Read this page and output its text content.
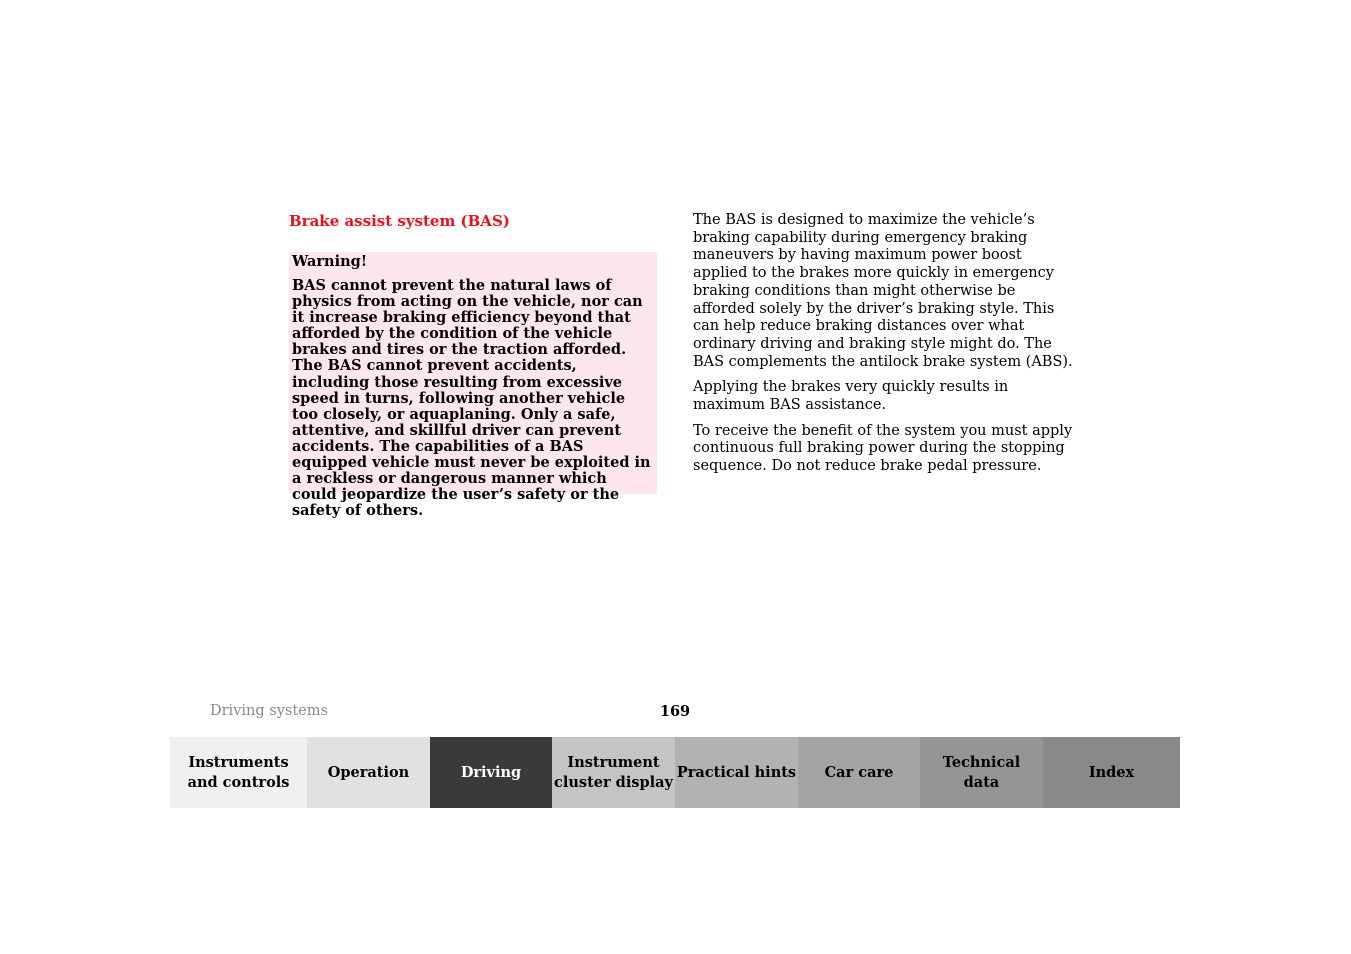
Brake assist system (BAS)

Warning!

BAS cannot prevent the natural laws of physics from acting on the vehicle, nor can it increase braking efficiency beyond that afforded by the condition of the vehicle brakes and tires or the traction afforded. The BAS cannot prevent accidents, including those resulting from excessive speed in turns, following another vehicle too closely, or aquaplaning. Only a safe, attentive, and skillful driver can prevent accidents. The capabilities of a BAS equipped vehicle must never be exploited in a reckless or dangerous manner which could jeopardize the user’s safety or the safety of others.

The BAS is designed to maximize the vehicle’s braking capability during emergency braking maneuvers by having maximum power boost applied to the brakes more quickly in emergency braking conditions than might otherwise be afforded solely by the driver’s braking style. This can help reduce braking distances over what ordinary driving and braking style might do. The BAS complements the antilock brake system (ABS).

Applying the brakes very quickly results in maximum BAS assistance.

To receive the benefit of the system you must apply continuous full braking power during the stopping sequence. Do not reduce brake pedal pressure.

Driving systems	169

Instruments
and controls
Operation	Driving
Instrument
cluster display
Practical hints	Car care
Technical
data
Index
